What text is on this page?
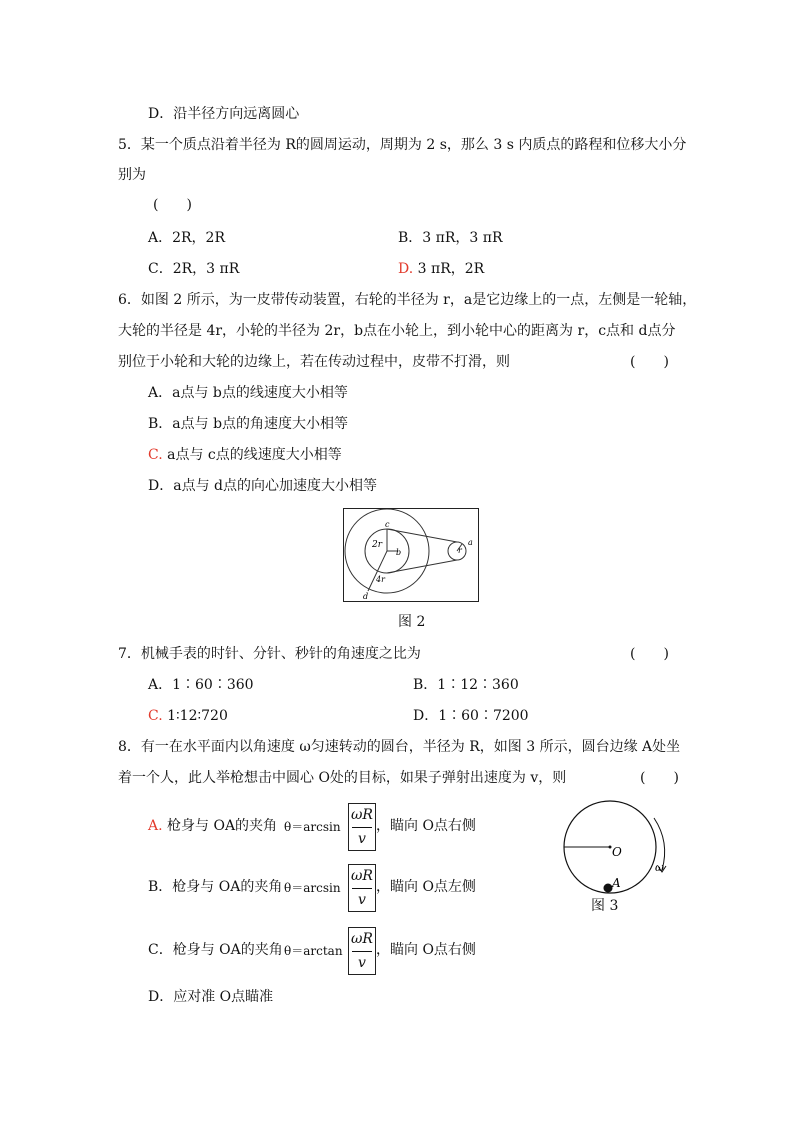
D．沿半径方向远离圆心
5．某一个质点沿着半径为 R的圆周运动，周期为 2 s，那么 3 s 内质点的路程和位移大小分
别为
(　　)
A．2R，2R	B．3 πR，3 πR
C．2R，3 πR	D. 3 πR，2R
6．如图 2 所示，为一皮带传动装置，右轮的半径为 r，a是它边缘上的一点，左侧是一轮轴，
大轮的半径是 4r，小轮的半径为 2r，b点在小轮上，到小轮中心的距离为 r，c点和 d点分
别位于小轮和大轮的边缘上，若在传动过程中，皮带不打滑，则	(　　)
A．a点与 b点的线速度大小相等
B．a点与 b点的角速度大小相等
C. a点与 c点的线速度大小相等
D．a点与 d点的向心加速度大小相等
c
2r
b	r
a
4r
d
图 2
7．机械手表的时针、分针、秒针的角速度之比为	(　　)
A．1∶60∶360	B．1∶12∶360
C. 1∶12∶720	D．1∶60∶7200
8．有一在水平面内以角速度 ω匀速转动的圆台，半径为 R，如图 3 所示，圆台边缘 A处坐
着一个人，此人举枪想击中圆心 O处的目标，如果子弹射出速度为 v，则	(　　)
A. 枪身与 OA的夹角 θ＝arcsin
ωR
v
，瞄向 O点右侧
B．枪身与 OA的夹角 θ＝arcsin
ωR
v
，瞄向 O点左侧
C．枪身与 OA的夹角 θ＝arctan
ωR
v
，瞄向 O点右侧
D．应对准 O点瞄准
O
A
ω
图 3
